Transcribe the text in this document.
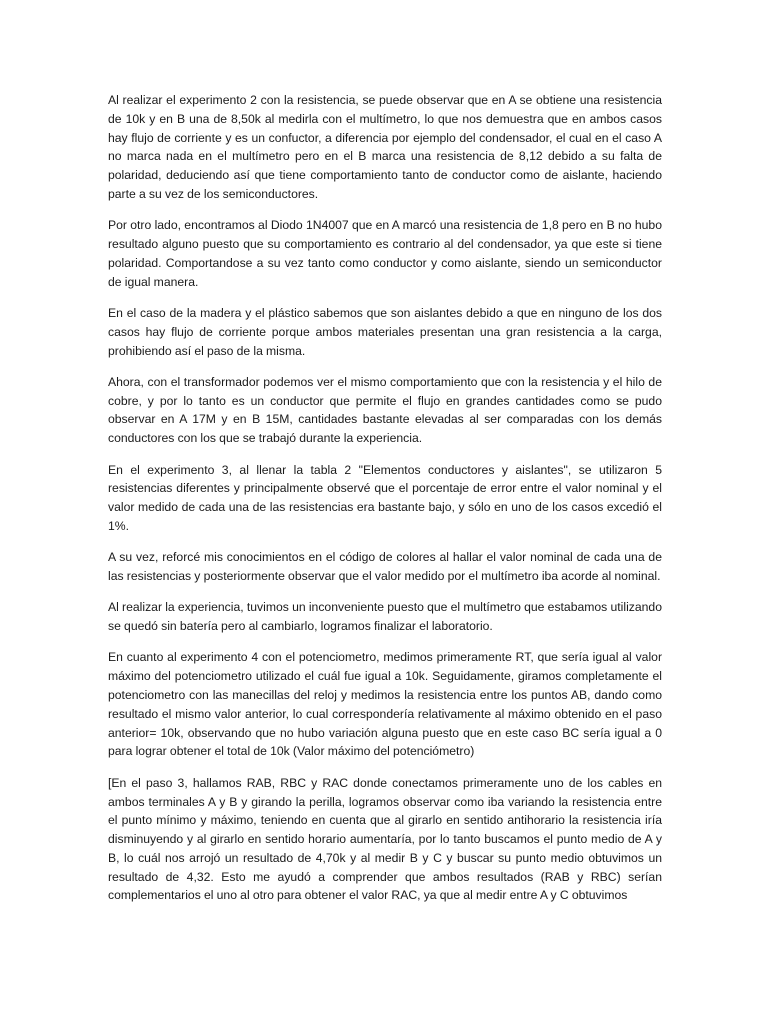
Al realizar el experimento 2 con la resistencia, se puede observar que en A se obtiene una resistencia de 10k y en B una de 8,50k al medirla con el multímetro, lo que nos demuestra que en ambos casos hay flujo de corriente y es un confuctor, a diferencia por ejemplo del condensador, el cual en el caso A no marca nada en el multímetro pero en el B marca una resistencia de 8,12 debido a su falta de polaridad, deduciendo así que tiene comportamiento tanto de conductor como de aislante, haciendo parte a su vez de los semiconductores.

Por otro lado, encontramos al Diodo 1N4007 que en A marcó una resistencia de 1,8 pero en B no hubo resultado alguno puesto que su comportamiento es contrario al del condensador, ya que este si tiene polaridad. Comportandose a su vez tanto como conductor y como aislante, siendo un semiconductor de igual manera.

En el caso de la madera y el plástico sabemos que son aislantes debido a que en ninguno de los dos casos hay flujo de corriente porque ambos materiales presentan una gran resistencia a la carga, prohibiendo así el paso de la misma.

Ahora, con el transformador podemos ver el mismo comportamiento que con la resistencia y el hilo de cobre, y por lo tanto es un conductor que permite el flujo en grandes cantidades como se pudo observar en A 17M y en B 15M, cantidades bastante elevadas al ser comparadas con los demás conductores con los que se trabajó durante la experiencia.

En el experimento 3, al llenar la tabla 2 "Elementos conductores y aislantes", se utilizaron 5 resistencias diferentes y principalmente observé que el porcentaje de error entre el valor nominal y el valor medido de cada una de las resistencias era bastante bajo, y sólo en uno de los casos excedió el 1%.

A su vez, reforcé mis conocimientos en el código de colores al hallar el valor nominal de cada una de las resistencias y posteriormente observar que el valor medido por el multímetro iba acorde al nominal.

Al realizar la experiencia, tuvimos un inconveniente puesto que el multímetro que estabamos utilizando se quedó sin batería pero al cambiarlo, logramos finalizar el laboratorio.

En cuanto al experimento 4 con el potenciometro, medimos primeramente RT, que sería igual al valor máximo del potenciometro utilizado el cuál fue igual a 10k. Seguidamente, giramos completamente el potenciometro con las manecillas del reloj y medimos la resistencia entre los puntos AB, dando como resultado el mismo valor anterior, lo cual correspondería relativamente al máximo obtenido en el paso anterior= 10k, observando que no hubo variación alguna puesto que en este caso BC sería igual a 0 para lograr obtener el total de 10k (Valor máximo del potenciómetro)

[En el paso 3, hallamos RAB, RBC y RAC donde conectamos primeramente uno de los cables en ambos terminales A y B y girando la perilla, logramos observar como iba variando la resistencia entre el punto mínimo y máximo, teniendo en cuenta que al girarlo en sentido antihorario la resistencia iría disminuyendo y al girarlo en sentido horario aumentaría, por lo tanto buscamos el punto medio de A y B, lo cuál nos arrojó un resultado de 4,70k y al medir B y C y buscar su punto medio obtuvimos un resultado de 4,32. Esto me ayudó a comprender que ambos resultados (RAB y RBC) serían complementarios el uno al otro para obtener el valor RAC, ya que al medir entre A y C obtuvimos
